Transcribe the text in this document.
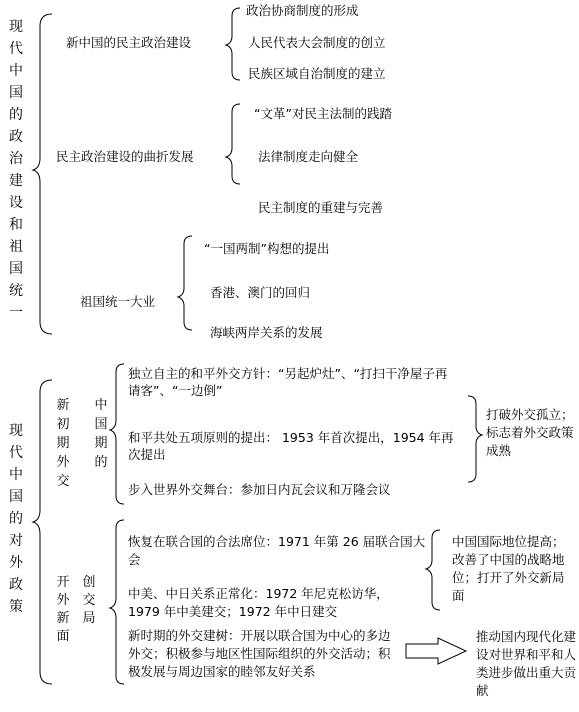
现代中国的政治建设和祖国统一
新中国的民主政治建设
政治协商制度的形成
人民代表大会制度的创立
民族区域自治制度的建立
民主政治建设的曲折发展
“文革”对民主法制的践踏
法律制度走向健全
民主制度的重建与完善
祖国统一大业
“一国两制”构想的提出
香港、澳门的回归
海峡两岸关系的发展
现代中国的对外政策
新初期外交
中国期的
独立自主的和平外交方针：“另起炉灶”、“打扫干净屋子再请客”、“一边倒”
和平共处五项原则的提出： 1953 年首次提出，1954 年再次提出
步入世界外交舞台：参加日内瓦会议和万隆会议
打破外交孤立；标志着外交政策成熟
开外新面
创交局
恢复在联合国的合法席位：1971 年第 26 届联合国大会
中美、中日关系正常化：1972 年尼克松访华，1979 年中美建交；1972 年中日建交
新时期的外交建树：开展以联合国为中心的多边外交；积极参与地区性国际组织的外交活动；积极发展与周边国家的睦邻友好关系
中国国际地位提高；改善了中国的战略地位；打开了外交新局面
推动国内现代化建设对世界和平和人类进步做出重大贡献
